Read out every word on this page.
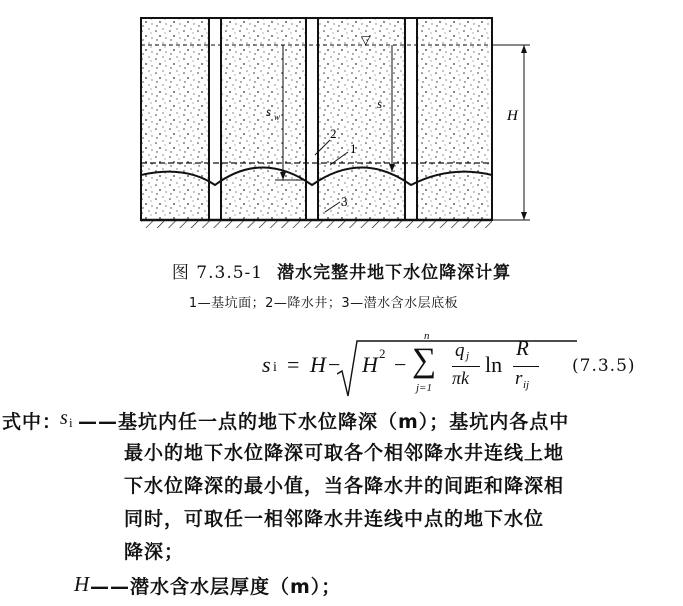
▽
s w
s
H
1
2
3
图 7.3.5-1 潜水完整井地下水位降深计算
1—基坑面；2—降水井；3—潜水含水层底板
s i = H − H 2 −
n
∑
j=1
q j
πk
ln
R
r ij
(7.3.5)
式中：
s i ——基坑内任一点的地下水位降深（m）；基坑内各点中
最小的地下水位降深可取各个相邻降水井连线上地
下水位降深的最小值，当各降水井的间距和降深相
同时，可取任一相邻降水井连线中点的地下水位
降深；
H ——潜水含水层厚度（m）；
